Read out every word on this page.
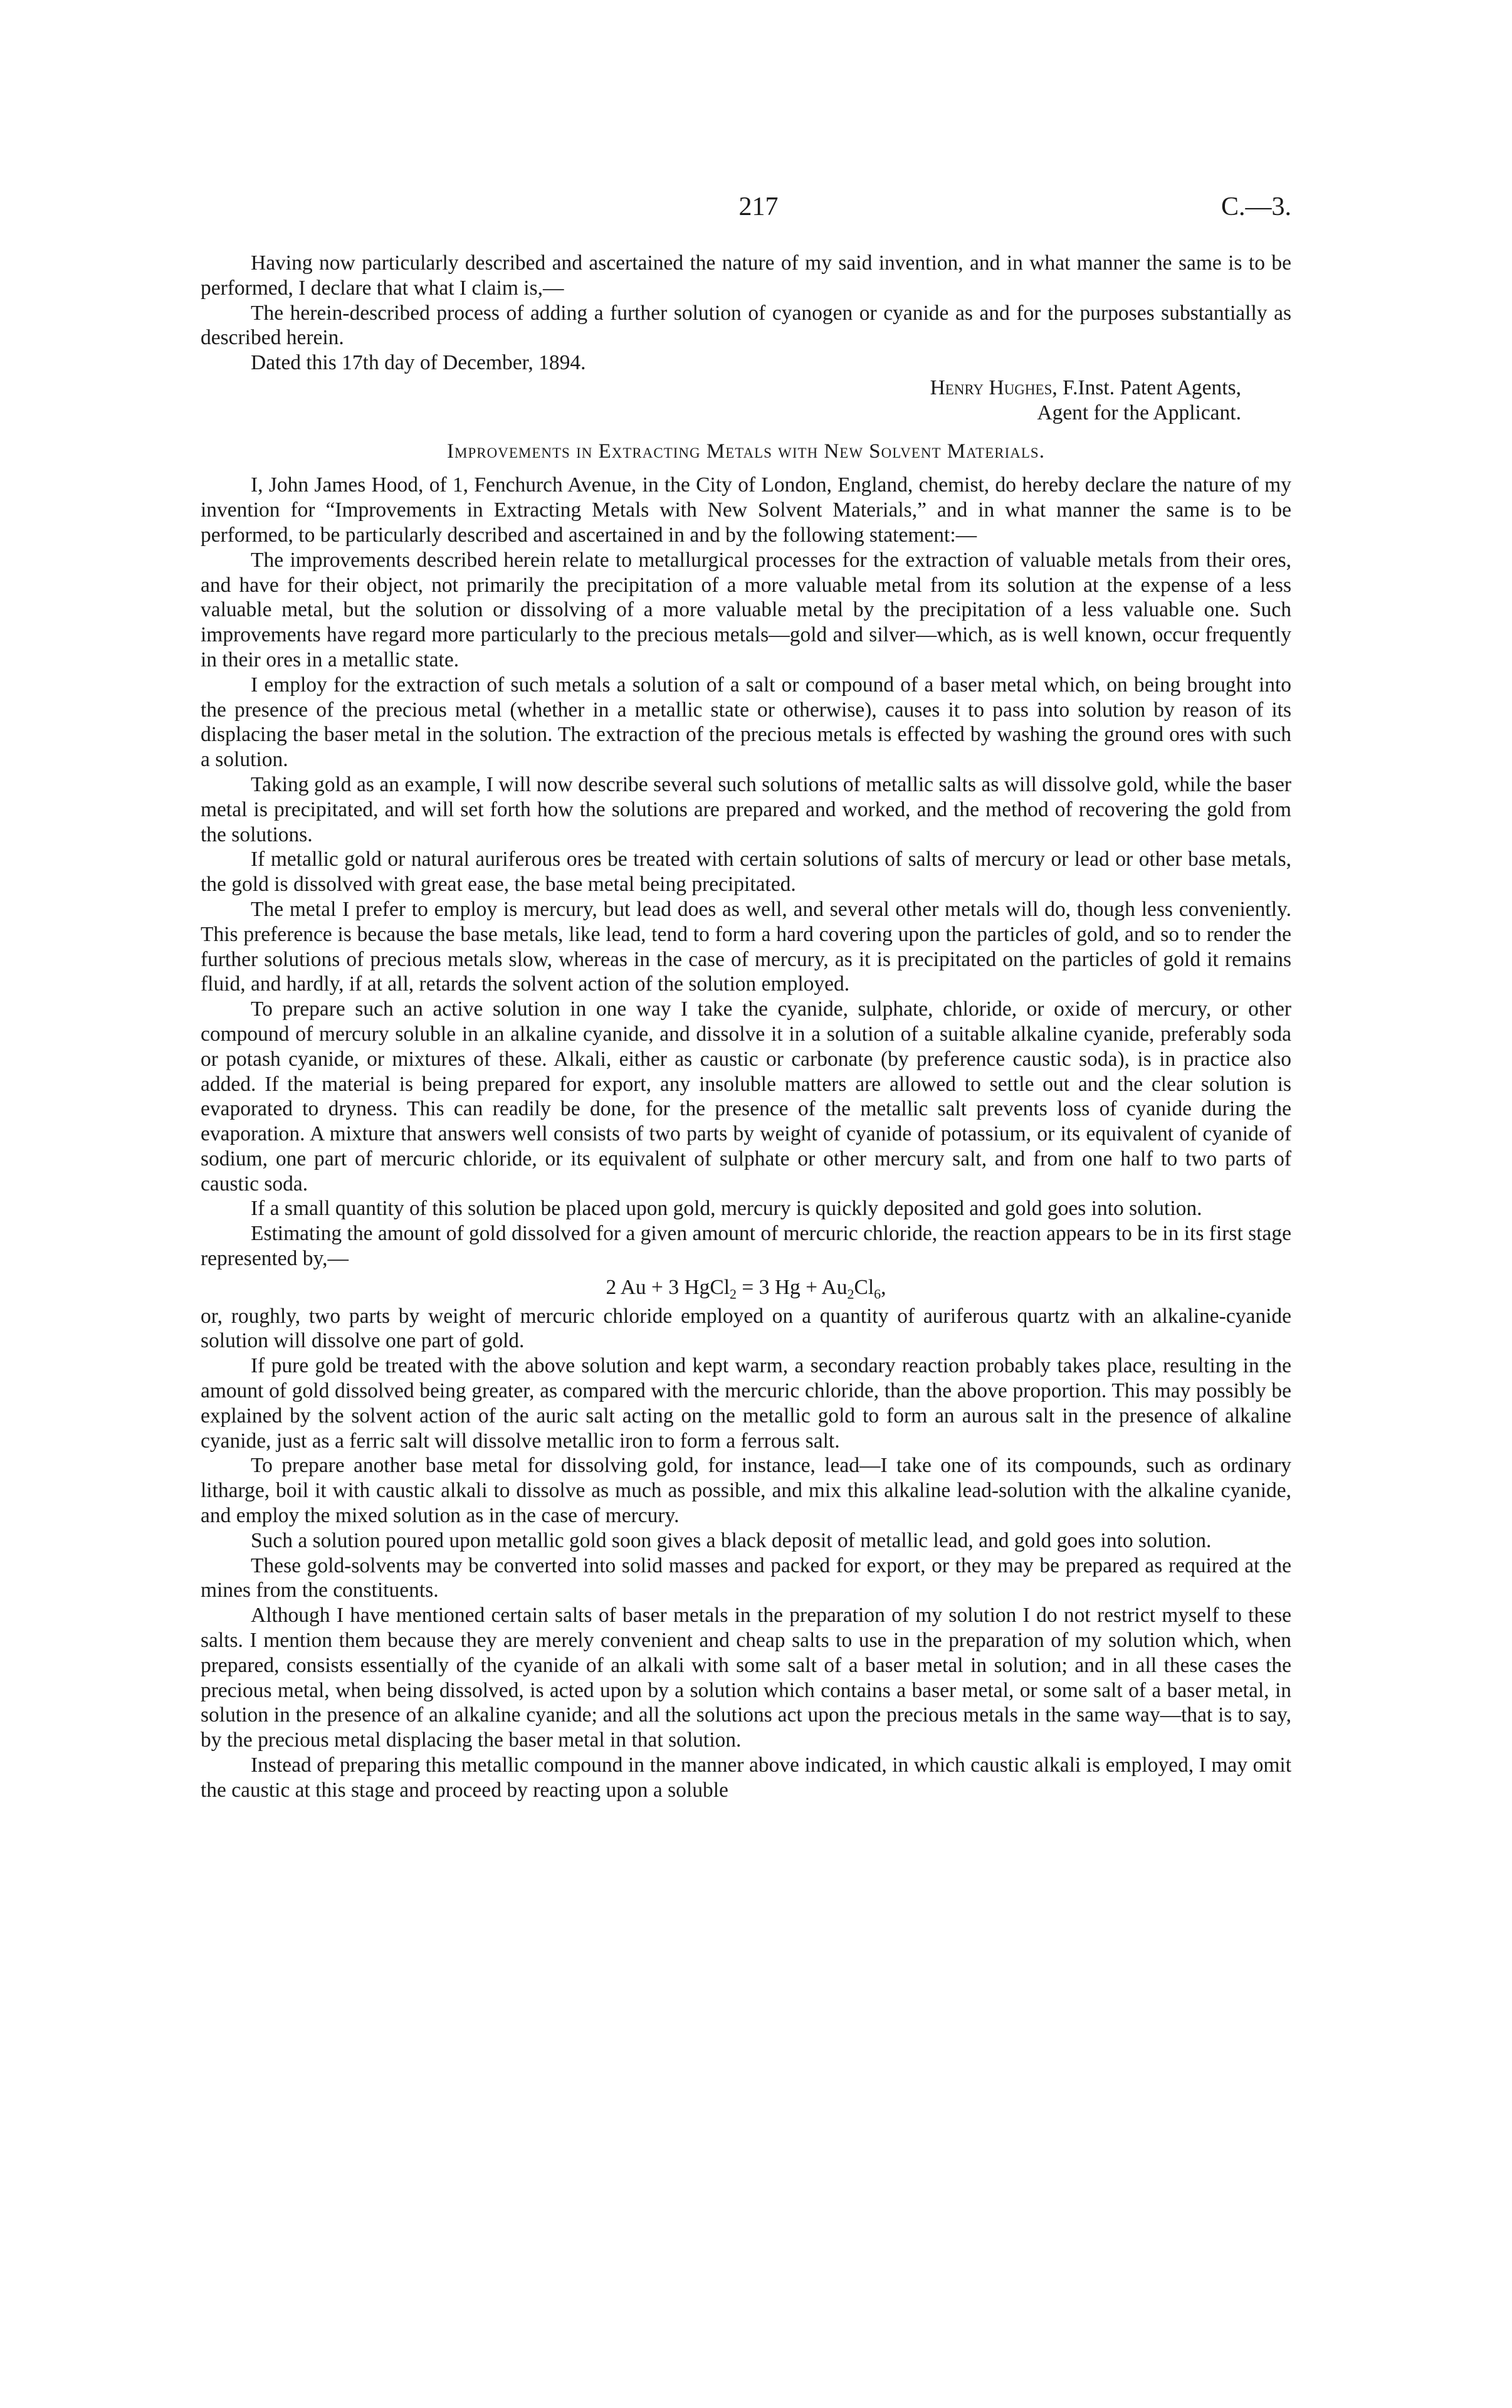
217	C.—3.

Having now particularly described and ascertained the nature of my said invention, and in what manner the same is to be performed, I declare that what I claim is,—

The herein-described process of adding a further solution of cyanogen or cyanide as and for the purposes substantially as described herein.

Dated this 17th day of December, 1894.

Henry Hughes, F.Inst. Patent Agents,
Agent for the Applicant.
Improvements in Extracting Metals with New Solvent Materials.

I, John James Hood, of 1, Fenchurch Avenue, in the City of London, England, chemist, do hereby declare the nature of my invention for “Improvements in Extracting Metals with New Solvent Materials,” and in what manner the same is to be performed, to be particularly described and ascertained in and by the following statement:—

The improvements described herein relate to metallurgical processes for the extraction of valuable metals from their ores, and have for their object, not primarily the precipitation of a more valuable metal from its solution at the expense of a less valuable metal, but the solution or dissolving of a more valuable metal by the precipitation of a less valuable one. Such improvements have regard more particularly to the precious metals—gold and silver—which, as is well known, occur frequently in their ores in a metallic state.

I employ for the extraction of such metals a solution of a salt or compound of a baser metal which, on being brought into the presence of the precious metal (whether in a metallic state or otherwise), causes it to pass into solution by reason of its displacing the baser metal in the solution. The extraction of the precious metals is effected by washing the ground ores with such a solution.

Taking gold as an example, I will now describe several such solutions of metallic salts as will dissolve gold, while the baser metal is precipitated, and will set forth how the solutions are prepared and worked, and the method of recovering the gold from the solutions.

If metallic gold or natural auriferous ores be treated with certain solutions of salts of mercury or lead or other base metals, the gold is dissolved with great ease, the base metal being precipitated.

The metal I prefer to employ is mercury, but lead does as well, and several other metals will do, though less conveniently. This preference is because the base metals, like lead, tend to form a hard covering upon the particles of gold, and so to render the further solutions of precious metals slow, whereas in the case of mercury, as it is precipitated on the particles of gold it remains fluid, and hardly, if at all, retards the solvent action of the solution employed.

To prepare such an active solution in one way I take the cyanide, sulphate, chloride, or oxide of mercury, or other compound of mercury soluble in an alkaline cyanide, and dissolve it in a solution of a suitable alkaline cyanide, preferably soda or potash cyanide, or mixtures of these. Alkali, either as caustic or carbonate (by preference caustic soda), is in practice also added. If the material is being prepared for export, any insoluble matters are allowed to settle out and the clear solution is evaporated to dryness. This can readily be done, for the presence of the metallic salt prevents loss of cyanide during the evaporation. A mixture that answers well consists of two parts by weight of cyanide of potassium, or its equivalent of cyanide of sodium, one part of mercuric chloride, or its equivalent of sulphate or other mercury salt, and from one half to two parts of caustic soda.

If a small quantity of this solution be placed upon gold, mercury is quickly deposited and gold goes into solution.

Estimating the amount of gold dissolved for a given amount of mercuric chloride, the reaction appears to be in its first stage represented by,—

2 Au + 3 HgCl$_2$ = 3 $Hg + Au_2Cl_6$,

or, roughly, two parts by weight of mercuric chloride employed on a quantity of auriferous quartz with an alkaline-cyanide solution will dissolve one part of gold.

If pure gold be treated with the above solution and kept warm, a secondary reaction probably takes place, resulting in the amount of gold dissolved being greater, as compared with the mercuric chloride, than the above proportion. This may possibly be explained by the solvent action of the auric salt acting on the metallic gold to form an aurous salt in the presence of alkaline cyanide, just as a ferric salt will dissolve metallic iron to form a ferrous salt.

To prepare another base metal for dissolving gold, for instance, lead—I take one of its compounds, such as ordinary litharge, boil it with caustic alkali to dissolve as much as possible, and mix this alkaline lead-solution with the alkaline cyanide, and employ the mixed solution as in the case of mercury.

Such a solution poured upon metallic gold soon gives a black deposit of metallic lead, and gold goes into solution.

These gold-solvents may be converted into solid masses and packed for export, or they may be prepared as required at the mines from the constituents.

Although I have mentioned certain salts of baser metals in the preparation of my solution I do not restrict myself to these salts. I mention them because they are merely convenient and cheap salts to use in the preparation of my solution which, when prepared, consists essentially of the cyanide of an alkali with some salt of a baser metal in solution; and in all these cases the precious metal, when being dissolved, is acted upon by a solution which contains a baser metal, or some salt of a baser metal, in solution in the presence of an alkaline cyanide; and all the solutions act upon the precious metals in the same way—that is to say, by the precious metal displacing the baser metal in that solution.

Instead of preparing this metallic compound in the manner above indicated, in which caustic alkali is employed, I may omit the caustic at this stage and proceed by reacting upon a soluble
